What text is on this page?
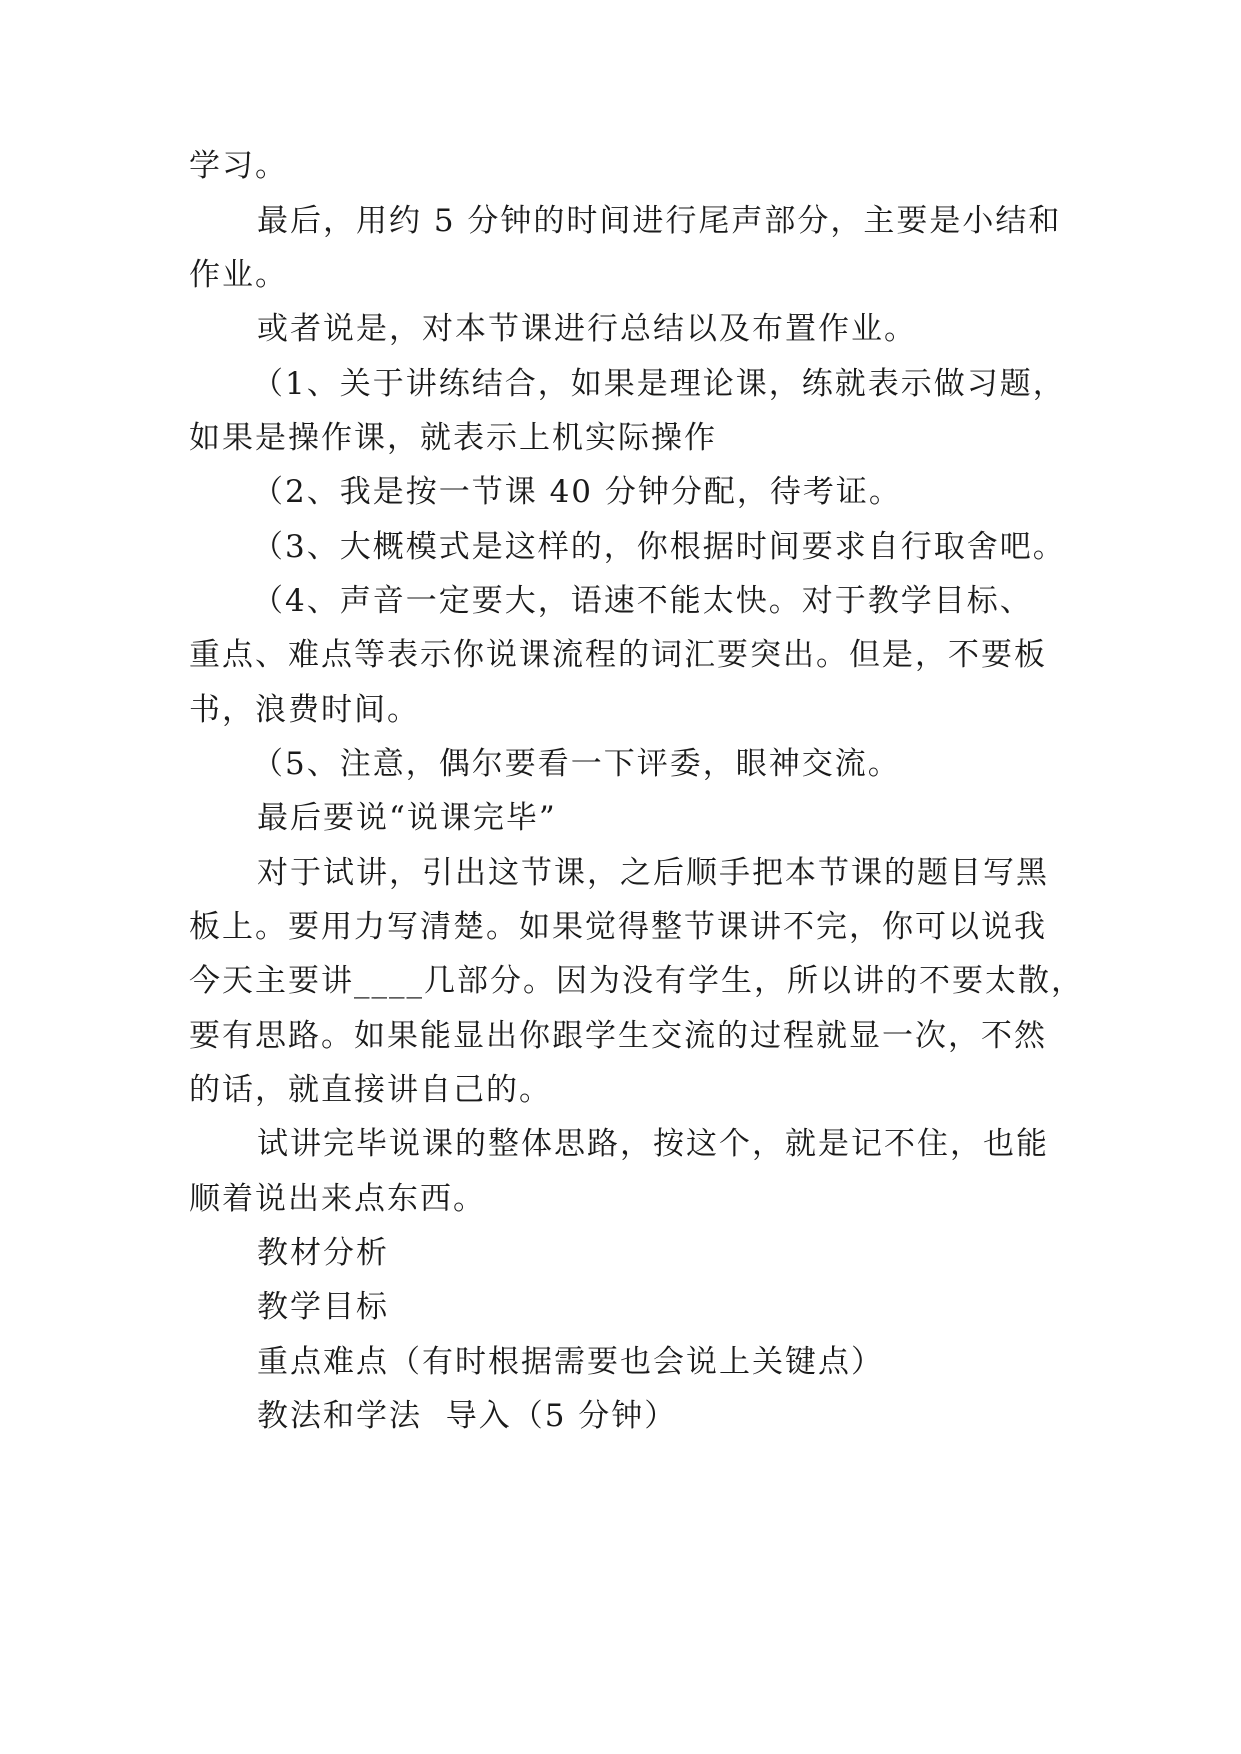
学习。
最后，用约 5 分钟的时间进行尾声部分，主要是小结和
作业。
或者说是，对本节课进行总结以及布置作业。
（1、关于讲练结合，如果是理论课，练就表示做习题，
如果是操作课，就表示上机实际操作
（2、我是按一节课 40 分钟分配，待考证。
（3、大概模式是这样的，你根据时间要求自行取舍吧。
（4、声音一定要大，语速不能太快。对于教学目标、
重点、难点等表示你说课流程的词汇要突出。但是，不要板
书，浪费时间。
（5、注意，偶尔要看一下评委，眼神交流。
最后要说“说课完毕”
对于试讲，引出这节课，之后顺手把本节课的题目写黑
板上。要用力写清楚。如果觉得整节课讲不完，你可以说我
今天主要讲____几部分。因为没有学生，所以讲的不要太散，
要有思路。如果能显出你跟学生交流的过程就显一次，不然
的话，就直接讲自己的。
试讲完毕说课的整体思路，按这个，就是记不住，也能
顺着说出来点东西。
教材分析
教学目标
重点难点（有时根据需要也会说上关键点）
教法和学法  导入（5 分钟）
